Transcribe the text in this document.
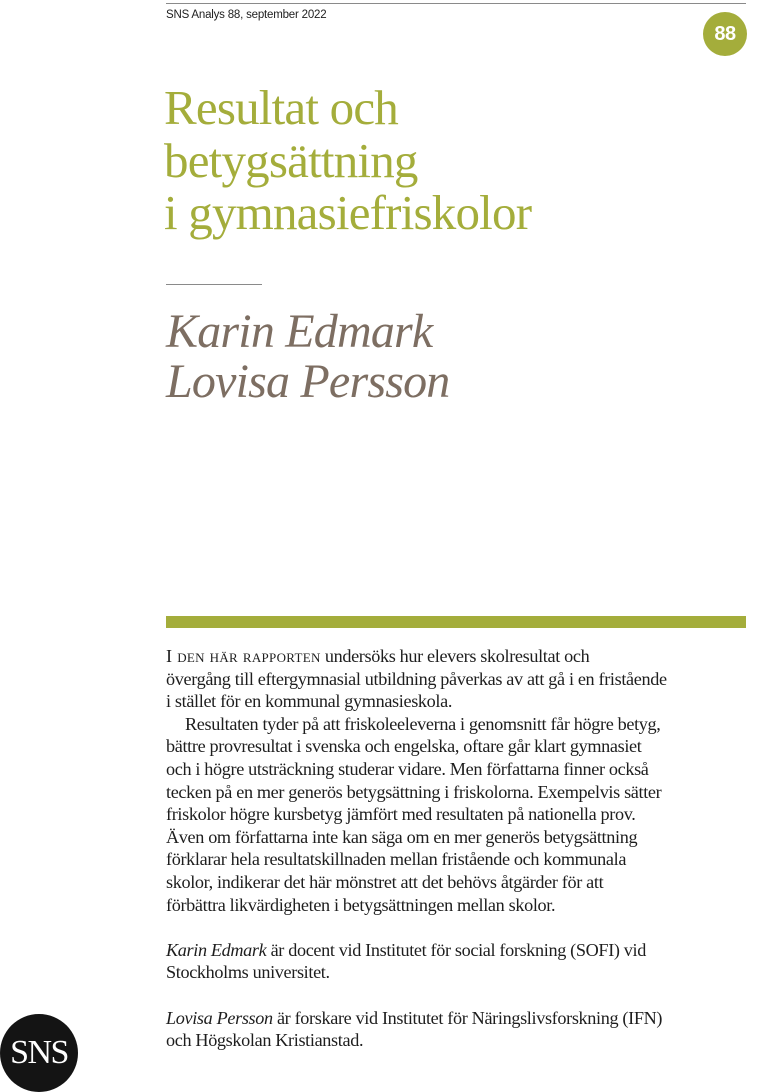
SNS Analys 88, september 2022
88
Resultat och
betygsättning
i gymnasiefriskolor
Karin Edmark
Lovisa Persson

I den här rapporten undersöks hur elevers skolresultat och
övergång till eftergymnasial utbildning påverkas av att gå i en fristående
i stället för en kommunal gymnasieskola.

Resultaten tyder på att friskoleeleverna i genomsnitt får högre betyg,
bättre provresultat i svenska och engelska, oftare går klart gymnasiet
och i högre utsträckning studerar vidare. Men författarna finner också
tecken på en mer generös betygsättning i friskolorna. Exempelvis sätter
friskolor högre kursbetyg jämfört med resultaten på nationella prov.
Även om författarna inte kan säga om en mer generös betygsättning
förklarar hela resultatskillnaden mellan fristående och kommunala
skolor, indikerar det här mönstret att det behövs åtgärder för att
förbättra likvärdigheten i betygsättningen mellan skolor.

Karin Edmark är docent vid Institutet för social forskning (SOFI) vid
Stockholms universitet.

Lovisa Persson är forskare vid Institutet för Näringslivsforskning (IFN)
och Högskolan Kristianstad.

SNS
